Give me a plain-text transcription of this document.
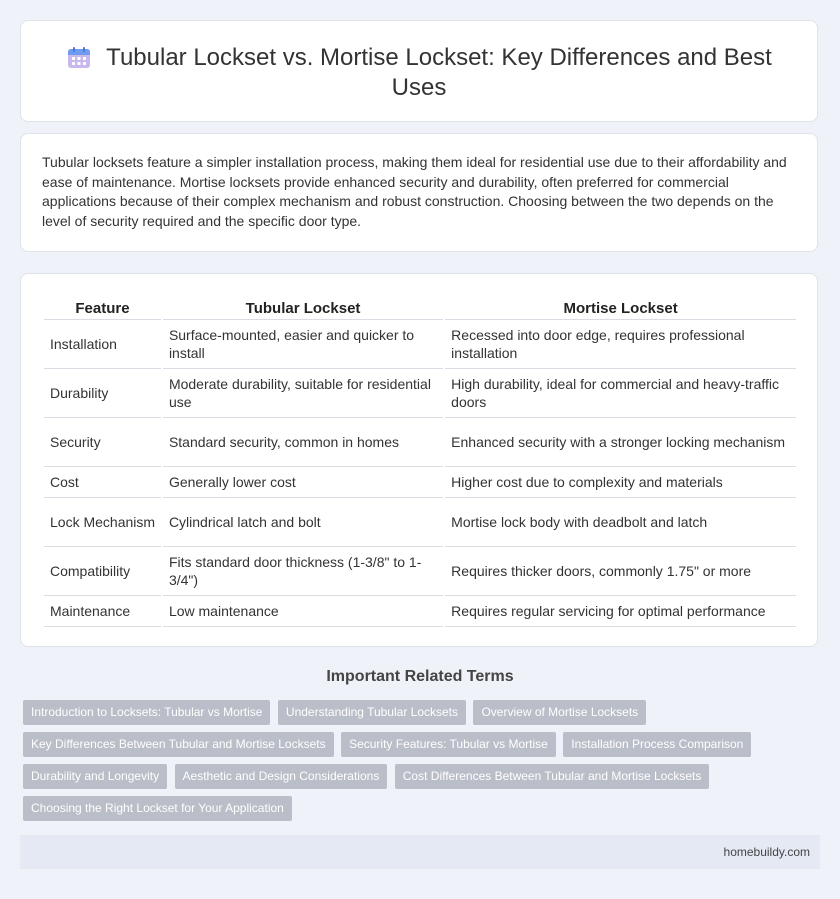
Tubular Lockset vs. Mortise Lockset: Key Differences and Best Uses

Tubular locksets feature a simpler installation process, making them ideal for residential use due to their affordability and ease of maintenance. Mortise locksets provide enhanced security and durability, often preferred for commercial applications because of their complex mechanism and robust construction. Choosing between the two depends on the level of security required and the specific door type.

Feature	Tubular Lockset	Mortise Lockset
Installation	Surface-mounted, easier and quicker to install	Recessed into door edge, requires professional installation
Durability	Moderate durability, suitable for residential use	High durability, ideal for commercial and heavy-traffic doors
Security	Standard security, common in homes	Enhanced security with a stronger locking mechanism
Cost	Generally lower cost	Higher cost due to complexity and materials
Lock Mechanism	Cylindrical latch and bolt	Mortise lock body with deadbolt and latch
Compatibility	Fits standard door thickness (1-3/8" to 1-3/4")	Requires thicker doors, commonly 1.75" or more
Maintenance	Low maintenance	Requires regular servicing for optimal performance
Important Related Terms
Introduction to Locksets: Tubular vs Mortise Understanding Tubular Locksets Overview of Mortise Locksets Key Differences Between Tubular and Mortise Locksets Security Features: Tubular vs Mortise Installation Process Comparison Durability and Longevity Aesthetic and Design Considerations Cost Differences Between Tubular and Mortise Locksets Choosing the Right Lockset for Your Application
homebuildy.com
